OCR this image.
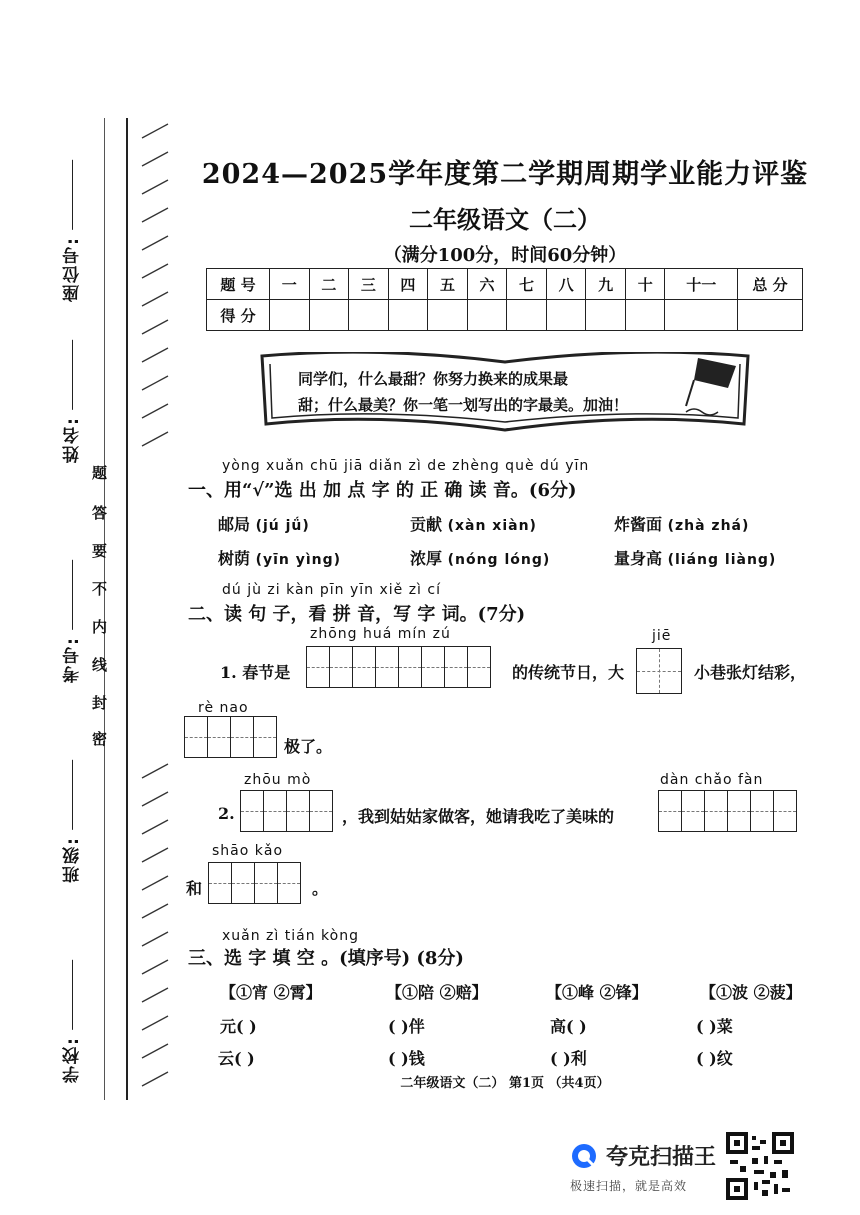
座位号:
姓名:
考号:
班级:
学校:
题
答
要
不
内
线
封
密
2024—2025学年度第二学期周期学业能力评鉴
二年级语文（二）
（满分100分，时间60分钟）
题 号	一	二	三	四	五	六	七	八	九	十	十一	总 分
得 分												
同学们，什么最甜？你努力换来的成果最
甜；什么最美？你一笔一划写出的字最美。加油！
yòng xuǎn chū jiā diǎn zì de zhèng què dú yīn
一、用“√”选 出 加 点 字 的 正 确 读 音。(6分)
邮局 (jú jǘ)	贡献 (xàn xiàn)	炸酱面 (zhà zhá)
树荫 (yīn yìng)	浓厚 (nóng lóng)	量身高 (liáng liàng)
dú jù zi kàn pīn yīn xiě zì cí
二、读 句 子，看 拼 音，写 字 词。(7分)
zhōng huá mín zú	jiē
1. 春节是	的传统节日，大	小巷张灯结彩，
rè nao
极了。
zhōu mò	dàn chǎo fàn
2.	，我到姑姑家做客，她请我吃了美味的
shāo kǎo
和	。
xuǎn zì tián kòng
三、选 字 填 空 。(填序号) (8分)
【①宵 ②霄】	【①陪 ②赔】	【①峰 ②锋】	【①波 ②菠】
元( )	( )伴	高( )	( )菜
云( )	( )钱	( )利	( )纹
二年级语文（二） 第1页 （共4页）
夸克扫描王
极速扫描，就是高效
